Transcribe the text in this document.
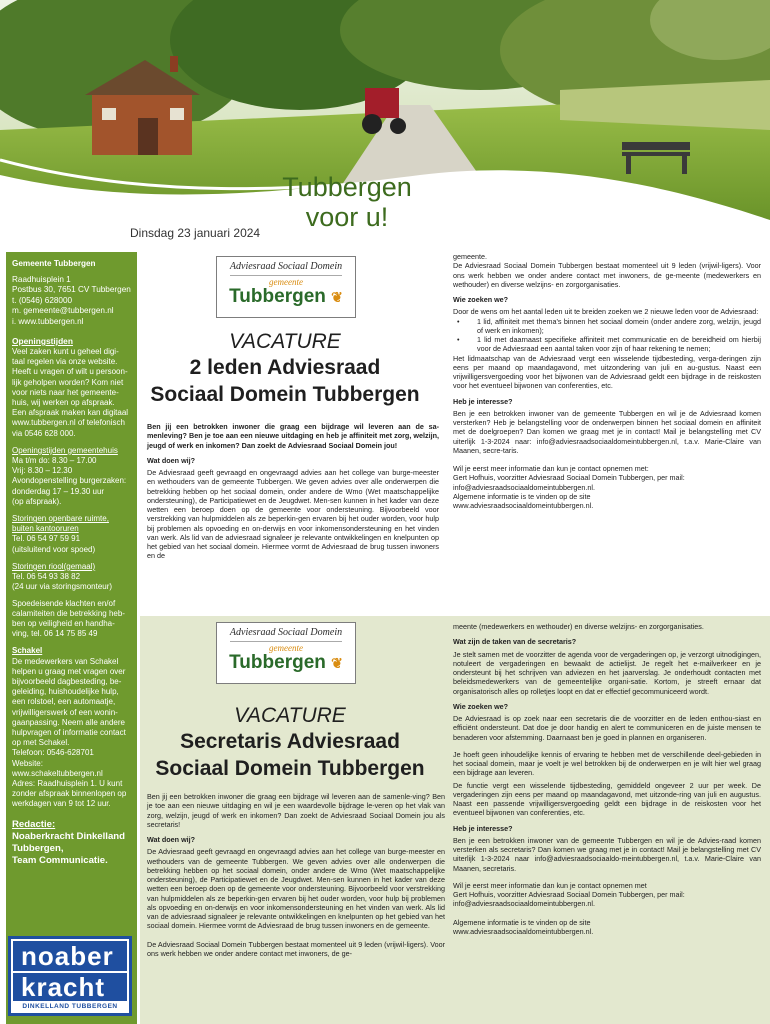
Tubbergen
voor u!
Dinsdag 23 januari 2024
Gemeente Tubbergen
Raadhuisplein 1
Postbus 30, 7651 CV Tubbergen
t. (0546) 628000
m. gemeente@tubbergen.nl
i. www.tubbergen.nl
Openingstijden
Veel zaken kunt u geheel digi-
taal regelen via onze website.
Heeft u vragen of wilt u persoon-
lijk geholpen worden? Kom niet
voor niets naar het gemeente-
huis, wij werken op afspraak.
Een afspraak maken kan digitaal
www.tubbergen.nl of telefonisch
via 0546 628 000.
Openingstijden gemeentehuis
Ma t/m do: 8.30 – 17.00
Vrij: 8.30 – 12.30
Avondopenstelling burgerzaken:
donderdag 17 – 19.30 uur
(op afspraak).
Storingen openbare ruimte, buiten kantooruren
Tel. 06 54 97 59 91
(uitsluitend voor spoed)
Storingen riool(gemaal)
Tel. 06 54 93 38 82
(24 uur via storingsmonteur)
Spoedeisende klachten en/of
calamiteiten die betrekking heb-
ben op veiligheid en handha-
ving, tel. 06 14 75 85 49
Schakel
De medewerkers van Schakel
helpen u graag met vragen over
bijvoorbeeld dagbesteding, be-
geleiding, huishoudelijke hulp,
een rolstoel, een automaatje,
vrijwilligerswerk of een wonin-
gaanpassing. Neem alle andere
hulpvragen of informatie contact
op met Schakel.
Telefoon: 0546-628701
Website:
www.schakeltubbergen.nl
Adres: Raadhuisplein 1. U kunt
zonder afspraak binnenlopen op
werkdagen van 9 tot 12 uur.
Redactie:
Noaberkracht Dinkelland
Tubbergen,
Team Communicatie.
noaber
kracht
DINKELLAND TUBBERGEN
Adviesraad Sociaal Domein
gemeente
Tubbergen ❦
VACATURE
2 leden Adviesraad
Sociaal Domein Tubbergen

Ben jij een betrokken inwoner die graag een bijdrage wil leveren aan de sa-menleving? Ben je toe aan een nieuwe uitdaging en heb je affiniteit met zorg, welzijn, jeugd of werk en inkomen? Dan zoekt de Adviesraad Sociaal Domein jou!

Wat doen wij?

De Adviesraad geeft gevraagd en ongevraagd advies aan het college van burge-meester en wethouders van de gemeente Tubbergen. We geven advies over alle onderwerpen die betrekking hebben op het sociaal domein, onder andere de Wmo (Wet maatschappelijke ondersteuning), de Participatiewet en de Jeugdwet. Men-sen kunnen in het kader van deze wetten een beroep doen op de gemeente voor ondersteuning. Bijvoorbeeld voor verstrekking van hulpmiddelen als ze beperkin-gen ervaren bij het ouder worden, voor hulp bij problemen als opvoeding en on-derwijs en voor inkomensondersteuning en het vinden van werk. Als lid van de adviesraad signaleer je relevante ontwikkelingen en knelpunten op het gebied van het sociaal domein. Hiermee vormt de Adviesraad de brug tussen inwoners en de

gemeente.

De Adviesraad Sociaal Domein Tubbergen bestaat momenteel uit 9 leden (vrijwil-ligers). Voor ons werk hebben we onder andere contact met inwoners, de ge-meente (medewerkers en wethouder) en diverse welzijns- en zorgorganisaties.

Wie zoeken we?

Door de wens om het aantal leden uit te breiden zoeken we 2 nieuwe leden voor de Adviesraad:

• 1 lid, affiniteit met thema's binnen het sociaal domein (onder andere zorg, welzijn, jeugd of werk en inkomen);
• 1 lid met daarnaast specifieke affiniteit met communicatie en de bereidheid om hierbij voor de Adviesraad een aantal taken voor zijn of haar rekening te nemen;

Het lidmaatschap van de Adviesraad vergt een wisselende tijdbesteding, verga-deringen zijn eens per maand op maandagavond, met uitzondering van juli en au-gustus. Naast een vrijwilligersvergoeding voor het bijwonen van de Adviesraad geldt een bijdrage in de reiskosten voor het eventueel bijwonen van conferenties, etc.

Heb je interesse?

Ben je een betrokken inwoner van de gemeente Tubbergen en wil je de Adviesraad komen versterken? Heb je belangstelling voor de onderwerpen binnen het sociaal domein en affiniteit met de doelgroepen? Dan komen we graag met je in contact! Mail je belangstelling met CV uiterlijk 1-3-2024 naar: info@adviesraadsociaaldomeintubbergen.nl, t.a.v. Marie-Claire van Maanen, secre-taris.

Wil je eerst meer informatie dan kun je contact opnemen met:
Gert Hofhuis, voorzitter Adviesraad Sociaal Domein Tubbergen, per mail:
info@adviesraadsociaaldomeintubbergen.nl.
Algemene informatie is te vinden op de site
www.adviesraadsociaaldomeintubbergen.nl.
Adviesraad Sociaal Domein
gemeente
Tubbergen ❦
VACATURE
Secretaris Adviesraad
Sociaal Domein Tubbergen

Ben jij een betrokken inwoner die graag een bijdrage wil leveren aan de samenle-ving? Ben je toe aan een nieuwe uitdaging en wil je een waardevolle bijdrage le-veren op het vlak van zorg, welzijn, jeugd of werk en inkomen? Dan zoekt de Adviesraad Sociaal Domein jou als secretaris!

Wat doen wij?

De Adviesraad geeft gevraagd en ongevraagd advies aan het college van burge-meester en wethouders van de gemeente Tubbergen. We geven advies over alle onderwerpen die betrekking hebben op het sociaal domein, onder andere de Wmo (Wet maatschappelijke ondersteuning), de Participatiewet en de Jeugdwet. Men-sen kunnen in het kader van deze wetten een beroep doen op de gemeente voor ondersteuning. Bijvoorbeeld voor verstrekking van hulpmiddelen als ze beperkin-gen ervaren bij het ouder worden, voor hulp bij problemen als opvoeding en on-derwijs en voor inkomensondersteuning en het vinden van werk. Als lid van de adviesraad signaleer je relevante ontwikkelingen en knelpunten op het gebied van het sociaal domein. Hiermee vormt de Adviesraad de brug tussen inwoners en de gemeente.

De Adviesraad Sociaal Domein Tubbergen bestaat momenteel uit 9 leden (vrijwil-ligers). Voor ons werk hebben we onder andere contact met inwoners, de ge-

meente (medewerkers en wethouder) en diverse welzijns- en zorgorganisaties.

Wat zijn de taken van de secretaris?

Je stelt samen met de voorzitter de agenda voor de vergaderingen op, je verzorgt uitnodigingen, notuleert de vergaderingen en bewaakt de actielijst. Je regelt het e-mailverkeer en je ondersteunt bij het schrijven van adviezen en het jaarverslag. Je onderhoudt contacten met beleidsmedewerkers van de gemeentelijke organi-satie. Kortom, je streeft ernaar dat organisatorisch alles op rolletjes loopt en dat er effectief gecommuniceerd wordt.

Wie zoeken we?

De Adviesraad is op zoek naar een secretaris die de voorzitter en de leden enthou-siast en efficiënt ondersteunt. Dat doe je door handig en alert te communiceren en de juiste mensen te benaderen voor afstemming. Daarnaast ben je goed in plannen en organiseren.

Je hoeft geen inhoudelijke kennis of ervaring te hebben met de verschillende deel-gebieden in het sociaal domein, maar je voelt je wel betrokken bij de onderwerpen en je wilt hier wel graag een bijdrage aan leveren.

De functie vergt een wisselende tijdbesteding, gemiddeld ongeveer 2 uur per week. De vergaderingen zijn eens per maand op maandagavond, met uitzonde-ring van juli en augustus. Naast een passende vrijwilligersvergoeding geldt een bijdrage in de reiskosten voor het eventueel bijwonen van conferenties, etc.

Heb je interesse?

Ben je een betrokken inwoner van de gemeente Tubbergen en wil je de Advies-raad komen versterken als secretaris? Dan komen we graag met je in contact! Mail je belangstelling met CV uiterlijk 1-3-2024 naar info@adviesraadsociaaldo-meintubbergen.nl, t.a.v. Marie-Claire van Maanen, secretaris.

Wil je eerst meer informatie dan kun je contact opnemen met
Gert Hofhuis, voorzitter Adviesraad Sociaal Domein Tubbergen, per mail:
info@adviesraadsociaaldomeintubbergen.nl.
Algemene informatie is te vinden op de site
www.adviesraadsociaaldomeintubbergen.nl.
